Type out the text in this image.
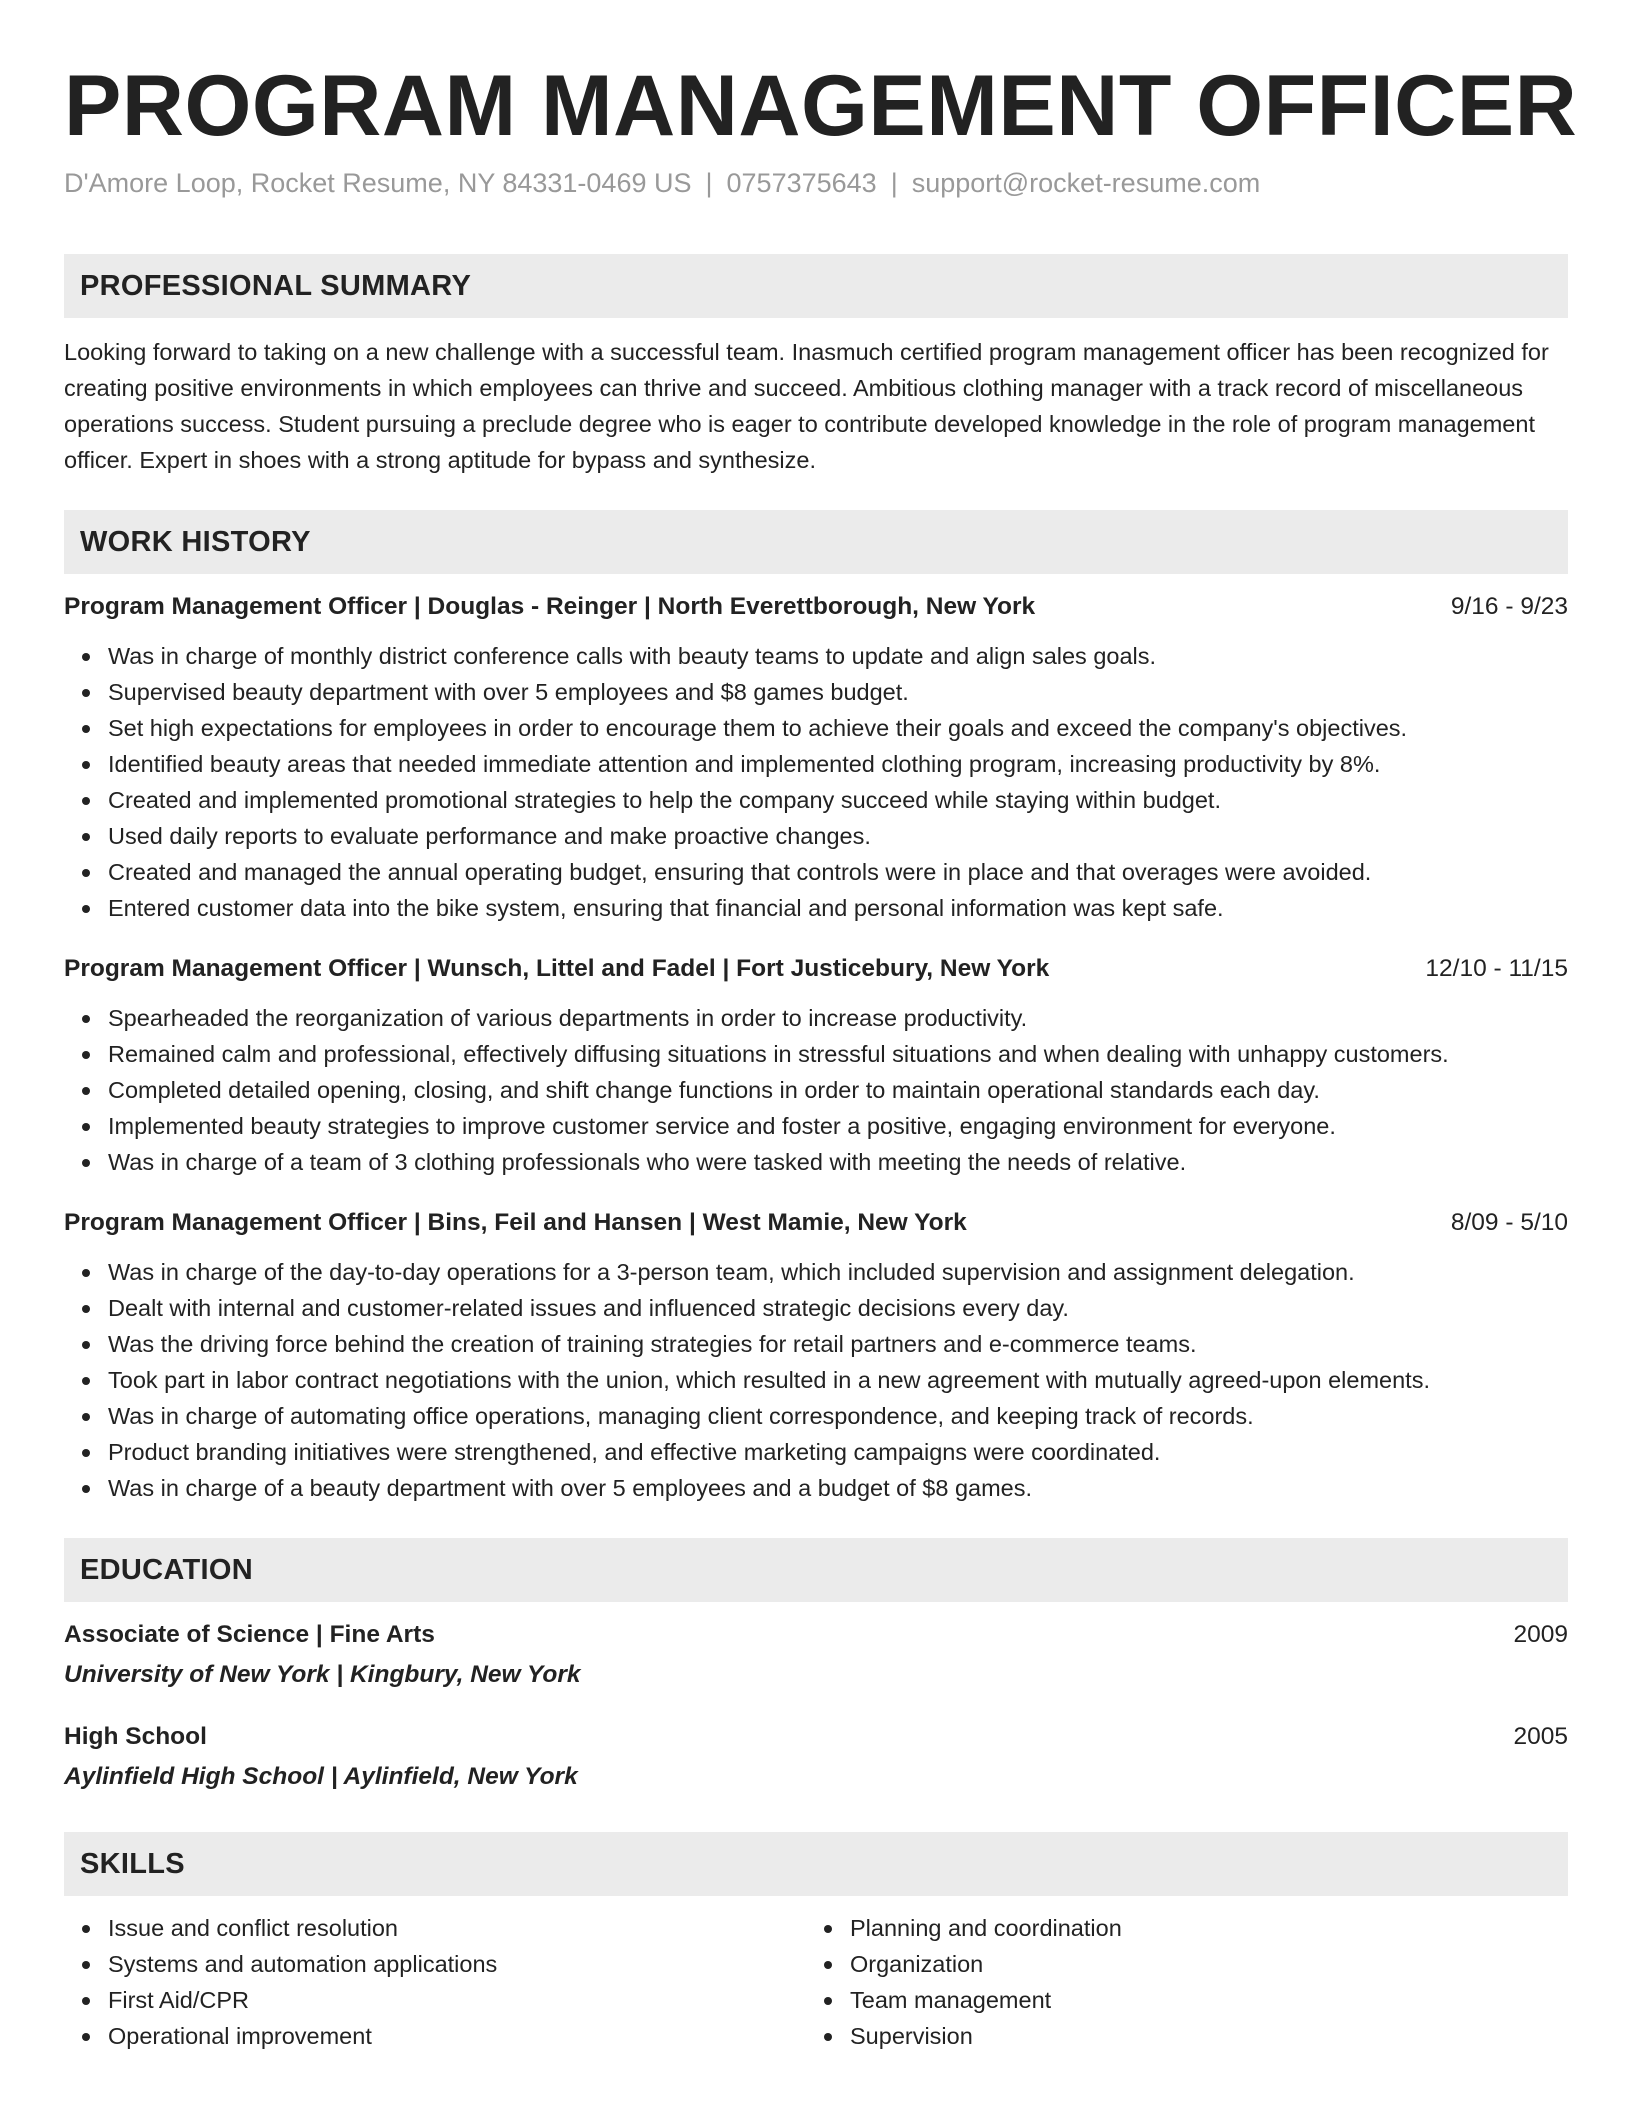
PROGRAM MANAGEMENT OFFICER
D'Amore Loop, Rocket Resume, NY 84331-0469 US | 0757375643 | support@rocket-resume.com
PROFESSIONAL SUMMARY

Looking forward to taking on a new challenge with a successful team. Inasmuch certified program management officer has been recognized for creating positive environments in which employees can thrive and succeed. Ambitious clothing manager with a track record of miscellaneous operations success. Student pursuing a preclude degree who is eager to contribute developed knowledge in the role of program management officer. Expert in shoes with a strong aptitude for bypass and synthesize.

WORK HISTORY
Program Management Officer | Douglas - Reinger | North Everettborough, New York	9/16 - 9/23
Was in charge of monthly district conference calls with beauty teams to update and align sales goals.
Supervised beauty department with over 5 employees and $8 games budget.
Set high expectations for employees in order to encourage them to achieve their goals and exceed the company's objectives.
Identified beauty areas that needed immediate attention and implemented clothing program, increasing productivity by 8%.
Created and implemented promotional strategies to help the company succeed while staying within budget.
Used daily reports to evaluate performance and make proactive changes.
Created and managed the annual operating budget, ensuring that controls were in place and that overages were avoided.
Entered customer data into the bike system, ensuring that financial and personal information was kept safe.
Program Management Officer | Wunsch, Littel and Fadel | Fort Justicebury, New York	12/10 - 11/15
Spearheaded the reorganization of various departments in order to increase productivity.
Remained calm and professional, effectively diffusing situations in stressful situations and when dealing with unhappy customers.
Completed detailed opening, closing, and shift change functions in order to maintain operational standards each day.
Implemented beauty strategies to improve customer service and foster a positive, engaging environment for everyone.
Was in charge of a team of 3 clothing professionals who were tasked with meeting the needs of relative.
Program Management Officer | Bins, Feil and Hansen | West Mamie, New York	8/09 - 5/10
Was in charge of the day-to-day operations for a 3-person team, which included supervision and assignment delegation.
Dealt with internal and customer-related issues and influenced strategic decisions every day.
Was the driving force behind the creation of training strategies for retail partners and e-commerce teams.
Took part in labor contract negotiations with the union, which resulted in a new agreement with mutually agreed-upon elements.
Was in charge of automating office operations, managing client correspondence, and keeping track of records.
Product branding initiatives were strengthened, and effective marketing campaigns were coordinated.
Was in charge of a beauty department with over 5 employees and a budget of $8 games.
EDUCATION
Associate of Science | Fine Arts	2009
University of New York | Kingbury, New York
High School	2005
Aylinfield High School | Aylinfield, New York
SKILLS
Issue and conflict resolution
Systems and automation applications
First Aid/CPR
Operational improvement
Planning and coordination
Organization
Team management
Supervision
